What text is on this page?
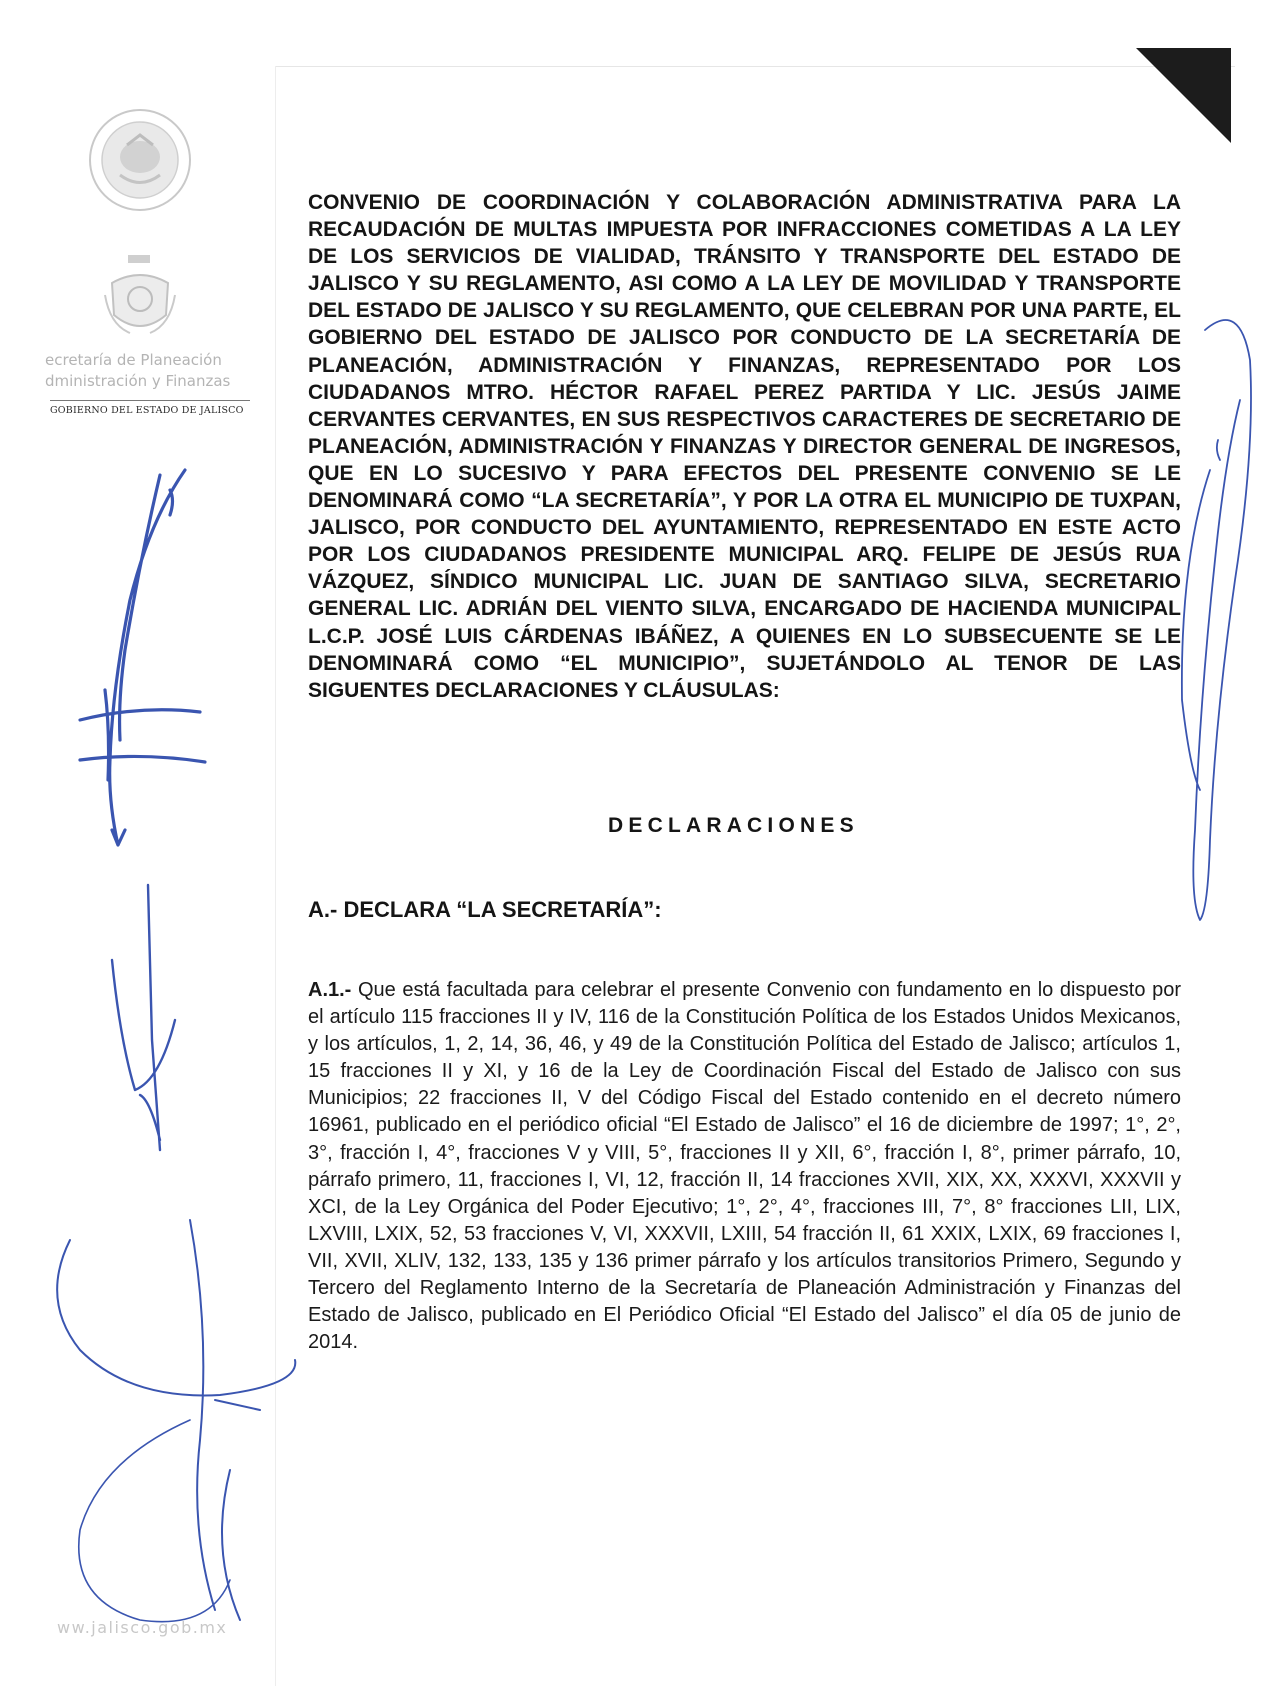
ecretaría de Planeación
dministración y Finanzas
GOBIERNO DEL ESTADO DE JALISCO

CONVENIO DE COORDINACIÓN Y COLABORACIÓN ADMINISTRATIVA PARA LA RECAUDACIÓN DE MULTAS IMPUESTA POR INFRACCIONES COMETIDAS A LA LEY DE LOS SERVICIOS DE VIALIDAD, TRÁNSITO Y TRANSPORTE DEL ESTADO DE JALISCO Y SU REGLAMENTO, ASI COMO A LA LEY DE MOVILIDAD Y TRANSPORTE DEL ESTADO DE JALISCO Y SU REGLAMENTO, QUE CELEBRAN POR UNA PARTE, EL GOBIERNO DEL ESTADO DE JALISCO POR CONDUCTO DE LA SECRETARÍA DE PLANEACIÓN, ADMINISTRACIÓN Y FINANZAS, REPRESENTADO POR LOS CIUDADANOS MTRO. HÉCTOR RAFAEL PEREZ PARTIDA Y LIC. JESÚS JAIME CERVANTES CERVANTES, EN SUS RESPECTIVOS CARACTERES DE SECRETARIO DE PLANEACIÓN, ADMINISTRACIÓN Y FINANZAS Y DIRECTOR GENERAL DE INGRESOS, QUE EN LO SUCESIVO Y PARA EFECTOS DEL PRESENTE CONVENIO SE LE DENOMINARÁ COMO “LA SECRETARÍA”, Y POR LA OTRA EL MUNICIPIO DE TUXPAN, JALISCO, POR CONDUCTO DEL AYUNTAMIENTO, REPRESENTADO EN ESTE ACTO POR LOS CIUDADANOS PRESIDENTE MUNICIPAL ARQ. FELIPE DE JESÚS RUA VÁZQUEZ, SÍNDICO MUNICIPAL LIC. JUAN DE SANTIAGO SILVA, SECRETARIO GENERAL LIC. ADRIÁN DEL VIENTO SILVA, ENCARGADO DE HACIENDA MUNICIPAL L.C.P. JOSÉ LUIS CÁRDENAS IBÁÑEZ, A QUIENES EN LO SUBSECUENTE SE LE DENOMINARÁ COMO “EL MUNICIPIO”, SUJETÁNDOLO AL TENOR DE LAS SIGUENTES DECLARACIONES Y CLÁUSULAS:

DECLARACIONES
A.- DECLARA “LA SECRETARÍA”:
A.1.- Que está facultada para celebrar el presente Convenio con fundamento en lo dispuesto por el artículo 115 fracciones II y IV, 116 de la Constitución Política de los Estados Unidos Mexicanos, y los artículos, 1, 2, 14, 36, 46, y 49 de la Constitución Política del Estado de Jalisco; artículos 1, 15 fracciones II y XI, y 16 de la Ley de Coordinación Fiscal del Estado de Jalisco con sus Municipios; 22 fracciones II, V del Código Fiscal del Estado contenido en el decreto número 16961, publicado en el periódico oficial “El Estado de Jalisco” el 16 de diciembre de 1997; 1°, 2°, 3°, fracción I, 4°, fracciones V y VIII, 5°, fracciones II y XII, 6°, fracción I, 8°, primer párrafo, 10, párrafo primero, 11, fracciones I, VI, 12, fracción II, 14 fracciones XVII, XIX, XX, XXXVI, XXXVII y XCI, de la Ley Orgánica del Poder Ejecutivo; 1°, 2°, 4°, fracciones III, 7°, 8° fracciones LII, LIX, LXVIII, LXIX, 52, 53 fracciones V, VI, XXXVII, LXIII, 54 fracción II, 61 XXIX, LXIX, 69 fracciones I, VII, XVII, XLIV, 132, 133, 135 y 136 primer párrafo y los artículos transitorios Primero, Segundo y Tercero del Reglamento Interno de la Secretaría de Planeación Administración y Finanzas del Estado de Jalisco, publicado en El Periódico Oficial “El Estado del Jalisco” el día 05 de junio de 2014.
ww.jalisco.gob.mx
